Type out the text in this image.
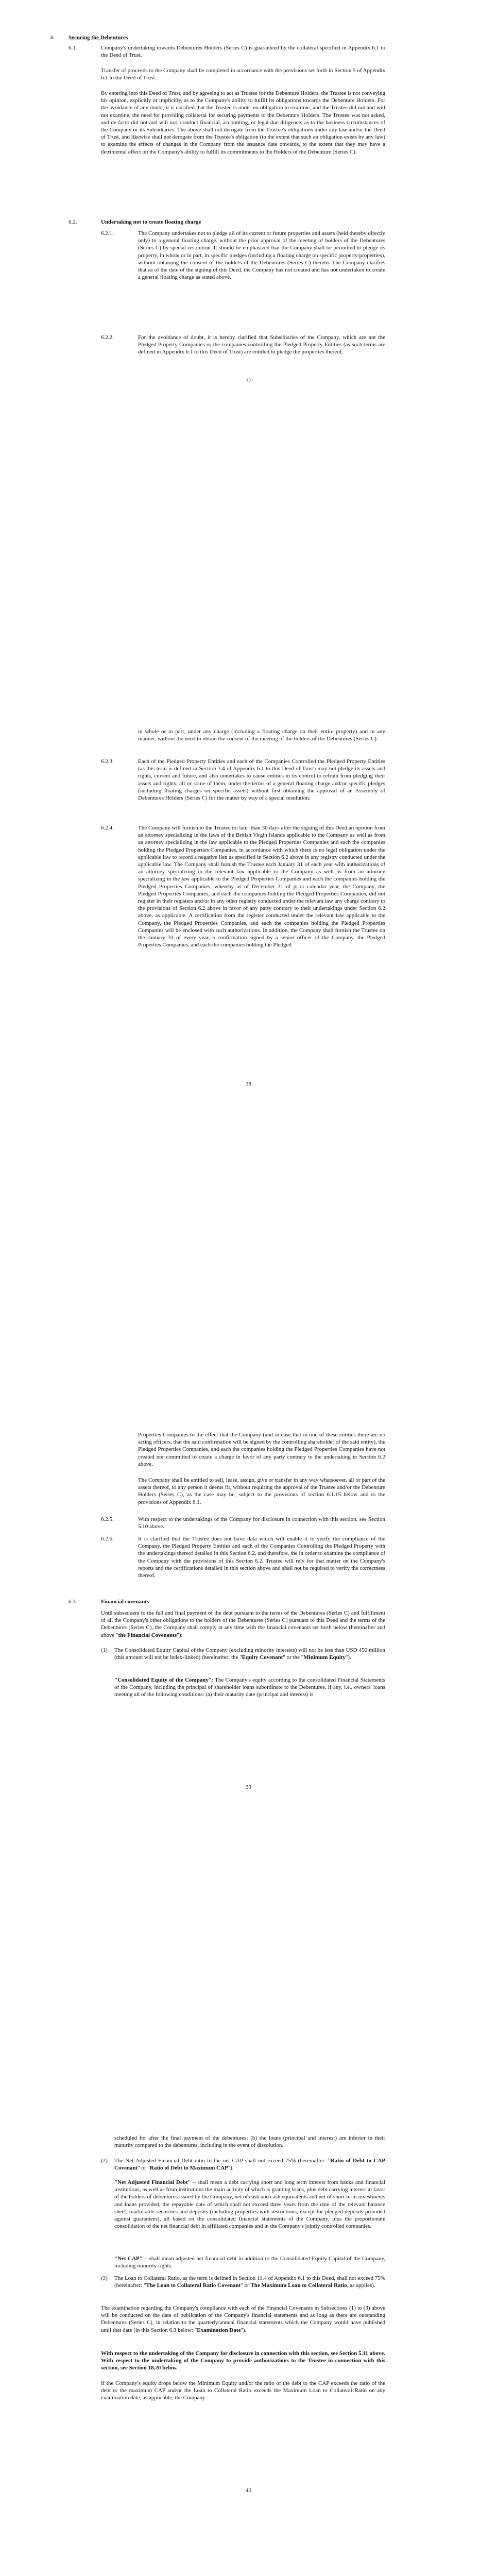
6. Securing the Debentures
6.1.	Company's undertaking towards Debentures Holders (Series C) is guaranteed by the collateral specified in Appendix 6.1 to the Deed of Trust.

Transfer of proceeds to the Company shall be completed in accordance with the provisions set forth in Section 5 of Appendix 6.1 to the Deed of Trust.

By entering into this Deed of Trust, and by agreeing to act as Trustee for the Debenture Holders, the Trustee is not conveying his opinion, explicitly or implicitly, as to the Company's ability to fulfill its obligations towards the Debenture Holders. For the avoidance of any doubt, it is clarified that the Trustee is under no obligation to examine, and the Trustee did not and will not examine, the need for providing collateral for securing payments to the Debenture Holders. The Trustee was not asked, and de facto did not and will not, conduct financial, accounting, or legal due diligence, as to the business circumstances of the Company or its Subsidiaries. The above shall not derogate from the Trustee's obligations under any law and/or the Deed of Trust, and likewise shall not derogate from the Trustee's obligation (to the extent that such an obligation exists by any law) to examine the effects of changes in the Company from the issuance date onwards, to the extent that they may have a detrimental effect on the Company's ability to fulfill its commitments to the Holders of the Debenture (Series C).

6.2.	Undertaking not to create floating charge
6.2.1.	The Company undertakes not to pledge all of its current or future properties and assets (held thereby directly only) to a general floating charge, without the prior approval of the meeting of holders of the Debentures (Series C) by special resolution. It should be emphasized that the Company shall be permitted to pledge its property, in whole or in part, in specific pledges (including a floating charge on specific property/properties), without obtaining the consent of the holders of the Debentures (Series C) thereto. The Company clarifies that as of the date of the signing of this Deed, the Company has not created and has not undertaken to create a general floating charge as stated above.

6.2.2.	For the avoidance of doubt, it is hereby clarified that Subsidiaries of the Company, which are not the Pledged Property Companies or the companies controlling the Pledged Property Entities (as such terms are defined in Appendix 6.1 to this Deed of Trust) are entitled to pledge the properties thereof,

37

in whole or in part, under any charge (including a floating charge on their entire property) and in any manner, without the need to obtain the consent of the meeting of the holders of the Debentures (Series C).

6.2.3.	Each of the Pledged Property Entities and each of the Companies Controlled the Pledged Property Entities (as this term is defined in Section 1.4 of Appendix 6.1 to this Deed of Trust) may not pledge its assets and rights, current and future, and also undertakes to cause entities in its control to refrain from pledging their assets and rights, all or some of them, under the terms of a general floating charge and/or specific pledges (including floating charges on specific assets) without first obtaining the approval of an Assembly of Debentures Holders (Series C) for the matter by way of a special resolution.

6.2.4.	The Company will furnish to the Trustee no later than 30 days after the signing of this Deed an opinion from an attorney specializing in the laws of the British Virgin Islands applicable to the Company as well as from an attorney specializing in the law applicable to the Pledged Properties Companies and each the companies holding the Pledged Properties Companies, in accordance with which there is no legal obligation under the applicable law to record a negative lien as specified in Section 6.2 above in any registry conducted under the applicable law. The Company shall furnish the Trustee each January 31 of each year with authorizations of an attorney specializing in the relevant law applicable to the Company as well as from an attorney specializing in the law applicable to the Pledged Properties Companies and each the companies holding the Pledged Properties Companies, whereby as of December 31 of prior calendar year, the Company, the Pledged Properties Companies, and each the companies holding the Pledged Properties Companies, did not register in their registers and/or in any other registry conducted under the relevant law any charge contrary to the provisions of Section 6.2 above in favor of any party contrary to their undertakings under Section 6.2 above, as applicable. A certification from the register conducted under the relevant law applicable to the Company, the Pledged Properties Companies, and each the companies holding the Pledged Properties Companies will be enclosed with such authorizations. In addition, the Company shall furnish the Trustee on the January 31 of every year, a confirmation signed by a senior officer of the Company, the Pledged Properties Companies, and each the companies holding the Pledged

38

Properties Companies to the effect that the Company (and in case that in one of these entities there are no acting officers, that the said confirmation will be signed by the controlling shareholder of the said entity), the Pledged Properties Companies, and each the companies holding the Pledged Properties Companies have not created nor committed to create a charge in favor of any party contrary to the undertaking in Section 6.2 above.

The Company shall be entitled to sell, lease, assign, give or transfer in any way whatsoever, all or part of the assets thereof, to any person it deems fit, without requiring the approval of the Trustee and/or the Debenture Holders (Series C), as the case may be, subject to the provisions of section 6.1.15 below and to the provisions of Appendix 6.1.

6.2.5.	With respect to the undertakings of the Company for disclosure in connection with this section, see Section 5.10 above.

6.2.6.	It is clarified that the Trustee does not have data which will enable it to verify the compliance of the Company, the Pledged Property Entities and each of the Companies Controlling the Pledged Property with the undertakings thereof detailed in this Section 6.2, and therefore, the in order to examine the compliance of the Company with the provisions of this Section 6.2, Trustee will rely for that matter on the Company's reports and the certifications detailed in this section above and shall not be required to verify the correctness thereof.

6.3.	Financial covenants

Until subsequent to the full and final payment of the debt pursuant to the terms of the Debentures (Series C) and fulfillment of all the Company's other obligations to the holders of the Debentures (Series C) pursuant to this Deed and the terms of the Debentures (Series C), the Company shall comply at any time with the financial covenants set forth below (hereinafter and above "the Financial Covenants"):

(1) The Consolidated Equity Capital of the Company (excluding minority interests) will not be less than USD 450 million (this amount will not be index-linked) (hereinafter: the "Equity Covenant" or the "Minimum Equity").

"Consolidated Equity of the Company": The Company's equity according to the consolidated Financial Statements of the Company, including the principal of shareholder loans subordinate to the Debentures, if any, i.e., owners' loans meeting all of the following conditions: (a) their maturity date (principal and interest) is

39

scheduled for after the final payment of the debentures; (b) the loans (principal and interest) are inferior in their maturity compared to the debentures, including in the event of dissolution.

(2) The Net Adjusted Financial Debt ratio to the net CAP shall not exceed 75% (hereinafter: "Ratio of Debt to CAP Covenant" or "Ratio of Debt to Maximum CAP").

"Net Adjusted Financial Debt" – shall mean a debt carrying short and long term interest from banks and financial institutions, as well as from institutions the main activity of which is granting loans, plus debt carrying interest in favor of the holders of debentures issued by the Company, net of cash and cash equivalents and net of short-term investments and loans provided, the repayable date of which shall not exceed three years from the date of the relevant balance sheet, marketable securities and deposits (including properties with restrictions, except for pledged deposits provided against guarantees), all based on the consolidated financial statements of the Company, plus the proportionate consolidation of the net financial debt in affiliated companies and in the Company's jointly controlled companies.

"Net CAP" – shall mean adjusted net financial debt in addition to the Consolidated Equity Capital of the Company, including minority rights.

(3) The Loan to Collateral Ratio, as the term is defined in Section 11.4 of Appendix 6.1 to this Deed, shall not exceed 75% (hereinafter: "The Loan to Collateral Ratio Covenant" or The Maximum Loan to Collateral Ratio, as applies).

The examination regarding the Company's compliance with each of the Financial Covenants in Subsections (1) to (3) above will be conducted on the date of publication of the Company's financial statements and as long as there are outstanding Debentures (Series C), in relation to the quarterly/annual financial statements which the Company would have published until that date (in this Section 6.3 below: "Examination Date").

With respect to the undertaking of the Company for disclosure in connection with this section, see Section 5.11 above. With respect to the undertaking of the Company to provide authorizations to the Trustee in connection with this section, see Section 18.20 below.

If the Company's equity drops below the Minimum Equity and/or the ratio of the debt to the CAP exceeds the ratio of the debt to the maximum CAP and/or the Loan to Collateral Ratio exceeds the Maximum Loan to Collateral Ratio on any examination date, as applicable, the Company

40
